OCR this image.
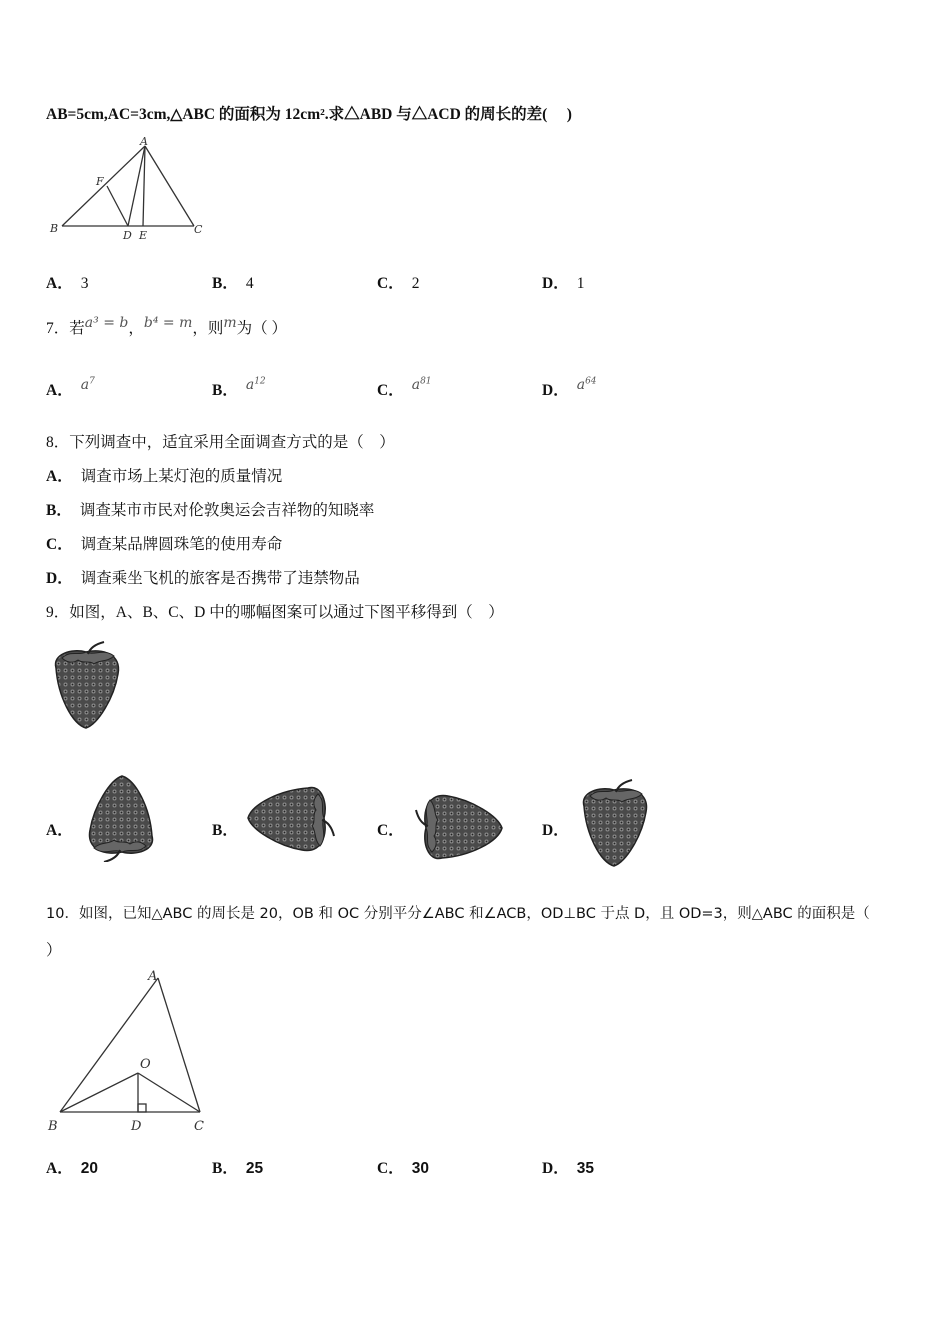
AB=5cm,AC=3cm,△ABC 的面积为 12cm².求△ABD 与△ACD 的周长的差(　 )
A
F
B
D E	C
A． 3	B． 4	C． 2	D． 1
7．若a³ = b，b⁴ = m，则m为（ ）
A． $a^7$
B． $a^{12}$
C． $a^{81}$
D． $a^{64}$
8．下列调查中，适宜采用全面调查方式的是（　）
A． 调查市场上某灯泡的质量情况
B． 调查某市市民对伦敦奥运会吉祥物的知晓率
C． 调查某品牌圆珠笔的使用寿命
D． 调查乘坐飞机的旅客是否携带了违禁物品
9．如图，A、B、C、D 中的哪幅图案可以通过下图平移得到（　）
A．	B．	C．	D．
10．如图，已知△ABC 的周长是 20，OB 和 OC 分别平分∠ABC 和∠ACB，OD⊥BC 于点 D，且 OD=3，则△ABC 的面积是（
）
A
O
B	D	C
A． 20	B． 25	C． 30	D． 35
